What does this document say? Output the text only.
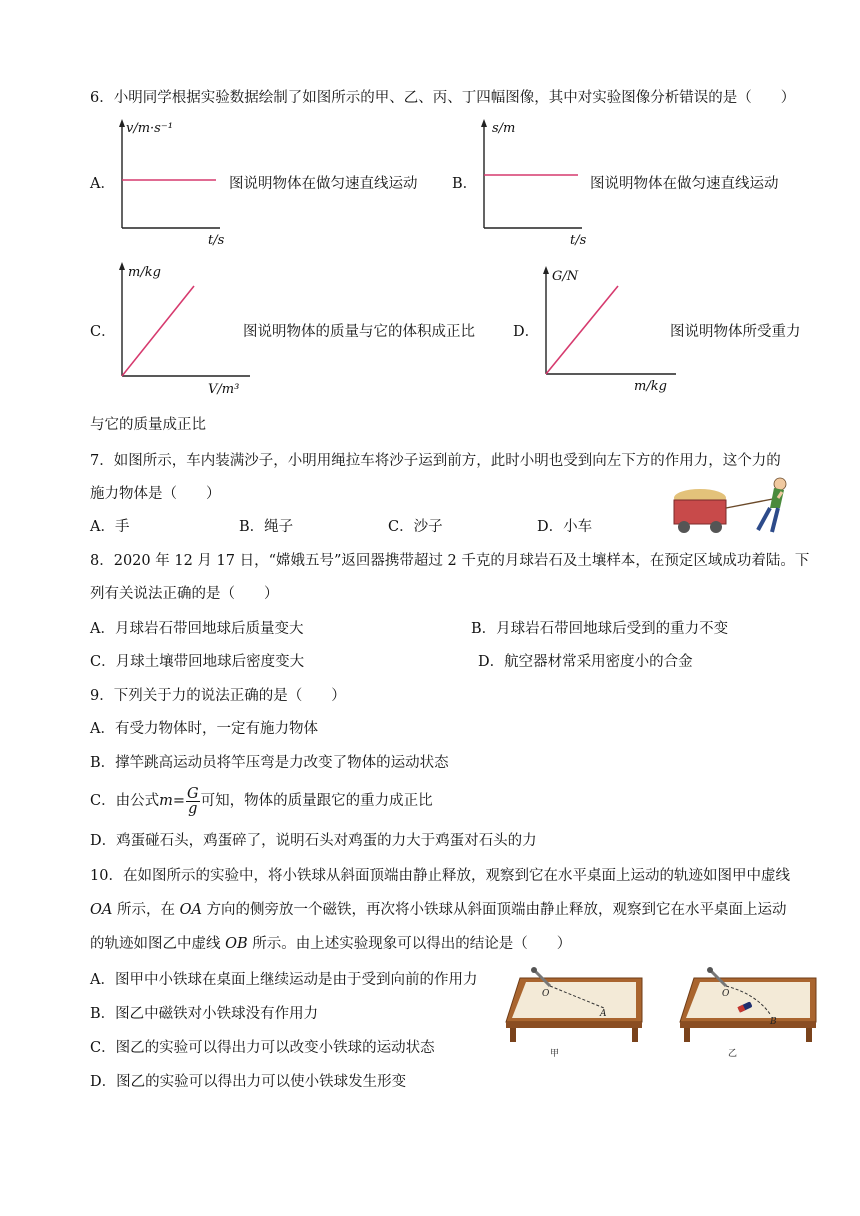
6．小明同学根据实验数据绘制了如图所示的甲、乙、丙、丁四幅图像，其中对实验图像分析错误的是（　　）
v/m·s⁻¹
t/s
A．	图说明物体在做匀速直线运动
s/m
t/s
B．	图说明物体在做匀速直线运动
m/kg
V/m³
C．	图说明物体的质量与它的体积成正比
G/N
m/kg
D．	图说明物体所受重力
与它的质量成正比
7．如图所示，车内装满沙子，小明用绳拉车将沙子运到前方，此时小明也受到向左下方的作用力，这个力的
施力物体是（　　）
A．手	B．绳子	C．沙子	D．小车
8．2020 年 12 月 17 日，“嫦娥五号”返回器携带超过 2 千克的月球岩石及土壤样本，在预定区域成功着陆。下
列有关说法正确的是（　　）
A．月球岩石带回地球后质量变大	B．月球岩石带回地球后受到的重力不变
C．月球土壤带回地球后密度变大	D．航空器材常采用密度小的合金
9．下列关于力的说法正确的是（　　）
A．有受力物体时，一定有施力物体
B．撑竿跳高运动员将竿压弯是力改变了物体的运动状态
C．由公式$m= \frac{G}{g}$ 可知，物体的质量跟它的重力成正比
D．鸡蛋碰石头，鸡蛋碎了，说明石头对鸡蛋的力大于鸡蛋对石头的力
10．在如图所示的实验中，将小铁球从斜面顶端由静止释放，观察到它在水平桌面上运动的轨迹如图甲中虚线
OA 所示，在 OA 方向的侧旁放一个磁铁，再次将小铁球从斜面顶端由静止释放，观察到它在水平桌面上运动
的轨迹如图乙中虚线 OB 所示。由上述实验现象可以得出的结论是（　　）
A．图甲中小铁球在桌面上继续运动是由于受到向前的作用力
B．图乙中磁铁对小铁球没有作用力
C．图乙的实验可以得出力可以改变小铁球的运动状态
D．图乙的实验可以得出力可以使小铁球发生形变
O
A
甲
O
B
乙
